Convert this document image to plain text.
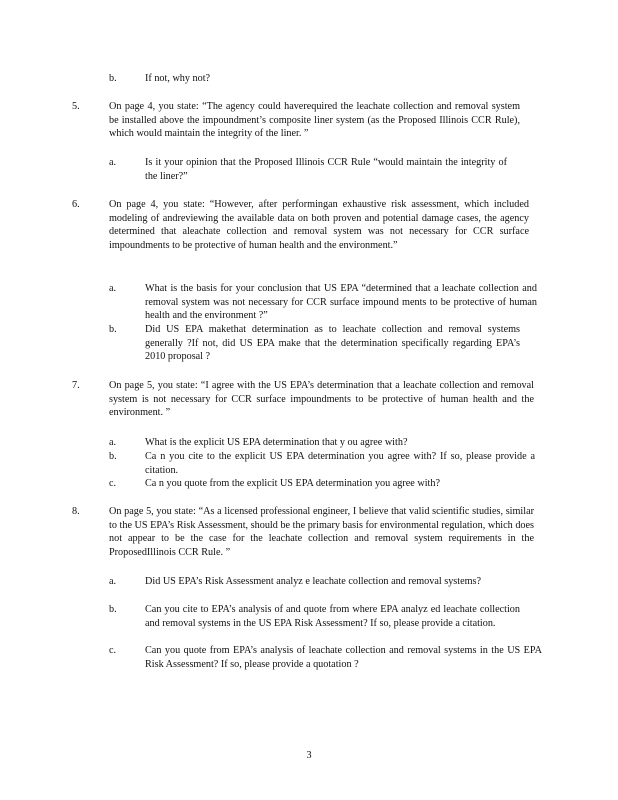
b.	If not, why not?
5.	On page 4, you state: “The agency could haverequired the leachate collection and removal system be installed above the impoundment’s composite liner system (as the Proposed Illinois CCR Rule), which would maintain the integrity of the liner. ”
a.	Is it your opinion that the Proposed Illinois CCR Rule “would maintain the integrity of the liner?”
6.	On page 4, you state: “However, after performingan exhaustive risk assessment, which included modeling of andreviewing the available data on both proven and potential damage cases, the agency determined that aleachate collection and removal system was not necessary for CCR surface impoundments to be protective of human health and the environment.”
a.	What is the basis for your conclusion that US EPA “determined that a leachate collection and removal system was not necessary for CCR surface impound ments to be protective of human health and the environment ?”
b.	Did US EPA makethat determination as to leachate collection and removal systems generally ?If not, did US EPA make that the determination specifically regarding EPA’s 2010 proposal ?
7.	On page 5, you state: “I agree with the US EPA’s determination that a leachate collection and removal system is not necessary for CCR surface impoundments to be protective of human health and the environment. ”
a.	What is the explicit US EPA determination that y ou agree with?
b.	Ca n you cite to the explicit US EPA determination you agree with? If so, please provide a citation.
c.	Ca n you quote from the explicit US EPA determination you agree with?
8.	On page 5, you state: “As a licensed professional engineer, I believe that valid scientific studies, similar to the US EPA’s Risk Assessment, should be the primary basis for environmental regulation, which does not appear to be the case for the leachate collection and removal system requirements in the ProposedIllinois CCR Rule. ”
a.	Did US EPA’s Risk Assessment analyz e leachate collection and removal systems?
b.	Can you cite to EPA’s analysis of and quote from where EPA analyz ed leachate collection and removal systems in the US EPA Risk Assessment? If so, please provide a citation.
c.	Can you quote from EPA’s analysis of leachate collection and removal systems in the US EPA Risk Assessment? If so, please provide a quotation ?
3
